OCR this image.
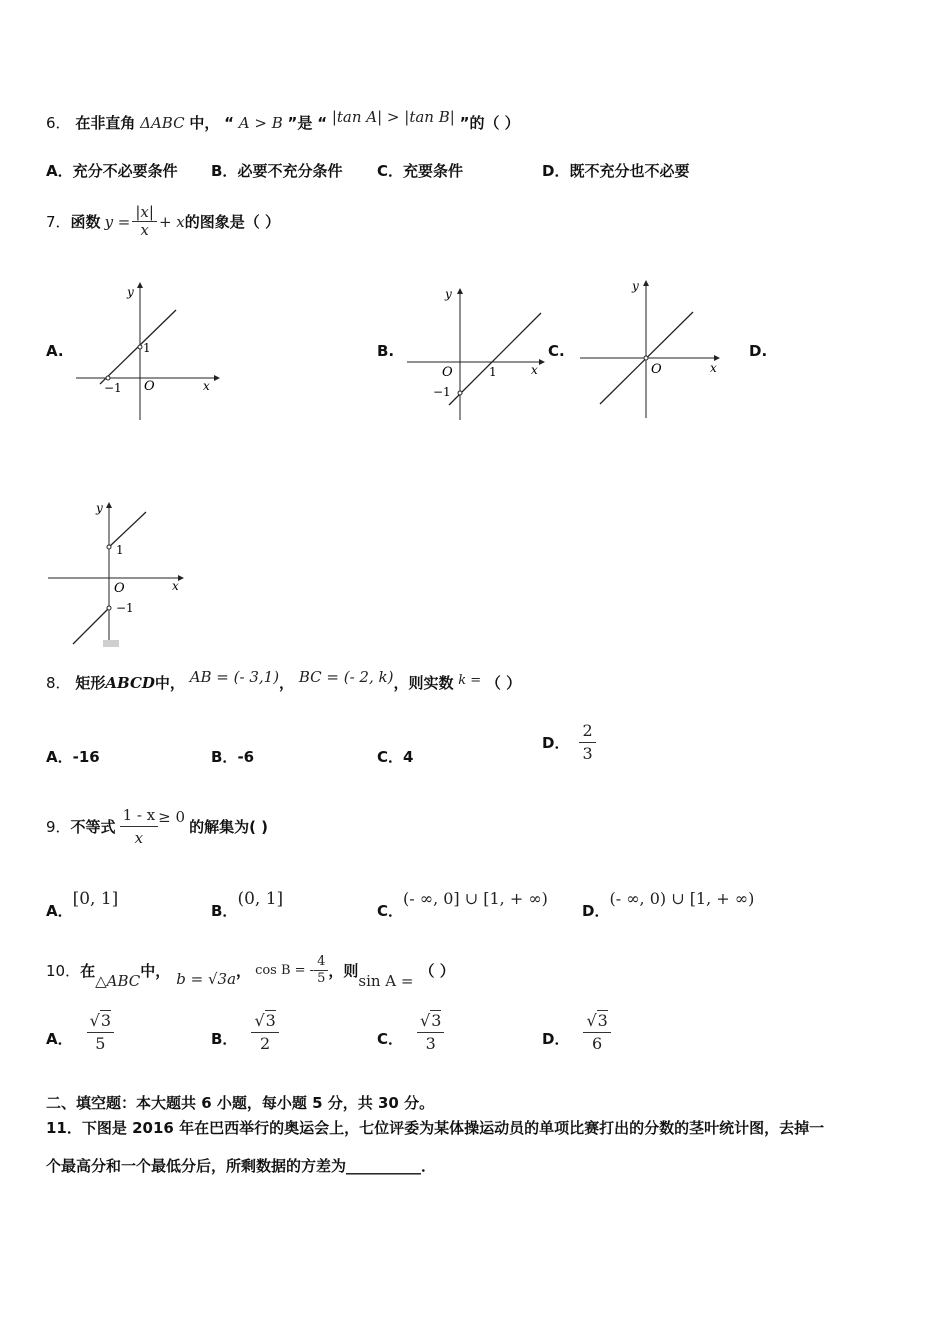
6． 在非直角 ΔABC 中， “ A > B ”是 “ |tan A| > |tan B| ”的（ ）
A．充分不必要条件 B．必要不充分条件 C．充要条件	D．既不充分也不必要
7． 函数 $y = \frac{|x|}{x} + x$ 的图象是（ ）
A.	B.	C.	D.
y
x
O
1
−1
y
x
O	1
−1
y
x
O
y
x
O
1
−1
8． 矩形ABCD中， AB = (- 3,1)， BC = (- 2, k)，则实数 k = （ ）
A．-16	B．-6	C．4
D． $\frac{2}{3}$
9． 不等式 $\frac{1 - x}{x} \ge 0$
的解集为( )
A．[0, 1]
B．(0, 1]
C．(- ∞, 0] ∪ [1, + ∞)
D．(- ∞, 0) ∪ [1, + ∞)
10． 在
△ABC
中， b = √3a ， cos B = - $\frac{4}{5}$ ，则
sin A =
（ ）
A． $\frac{√3}{5}$	B． $\frac{√3}{2}$	C． $\frac{√3}{3}$	D． $\frac{√3}{6}$
二、填空题：本大题共 6 小题，每小题 5 分，共 30 分。
11．下图是 2016 年在巴西举行的奥运会上，七位评委为某体操运动员的单项比赛打出的分数的茎叶统计图，去掉一
个最高分和一个最低分后，所剩数据的方差为__________．
